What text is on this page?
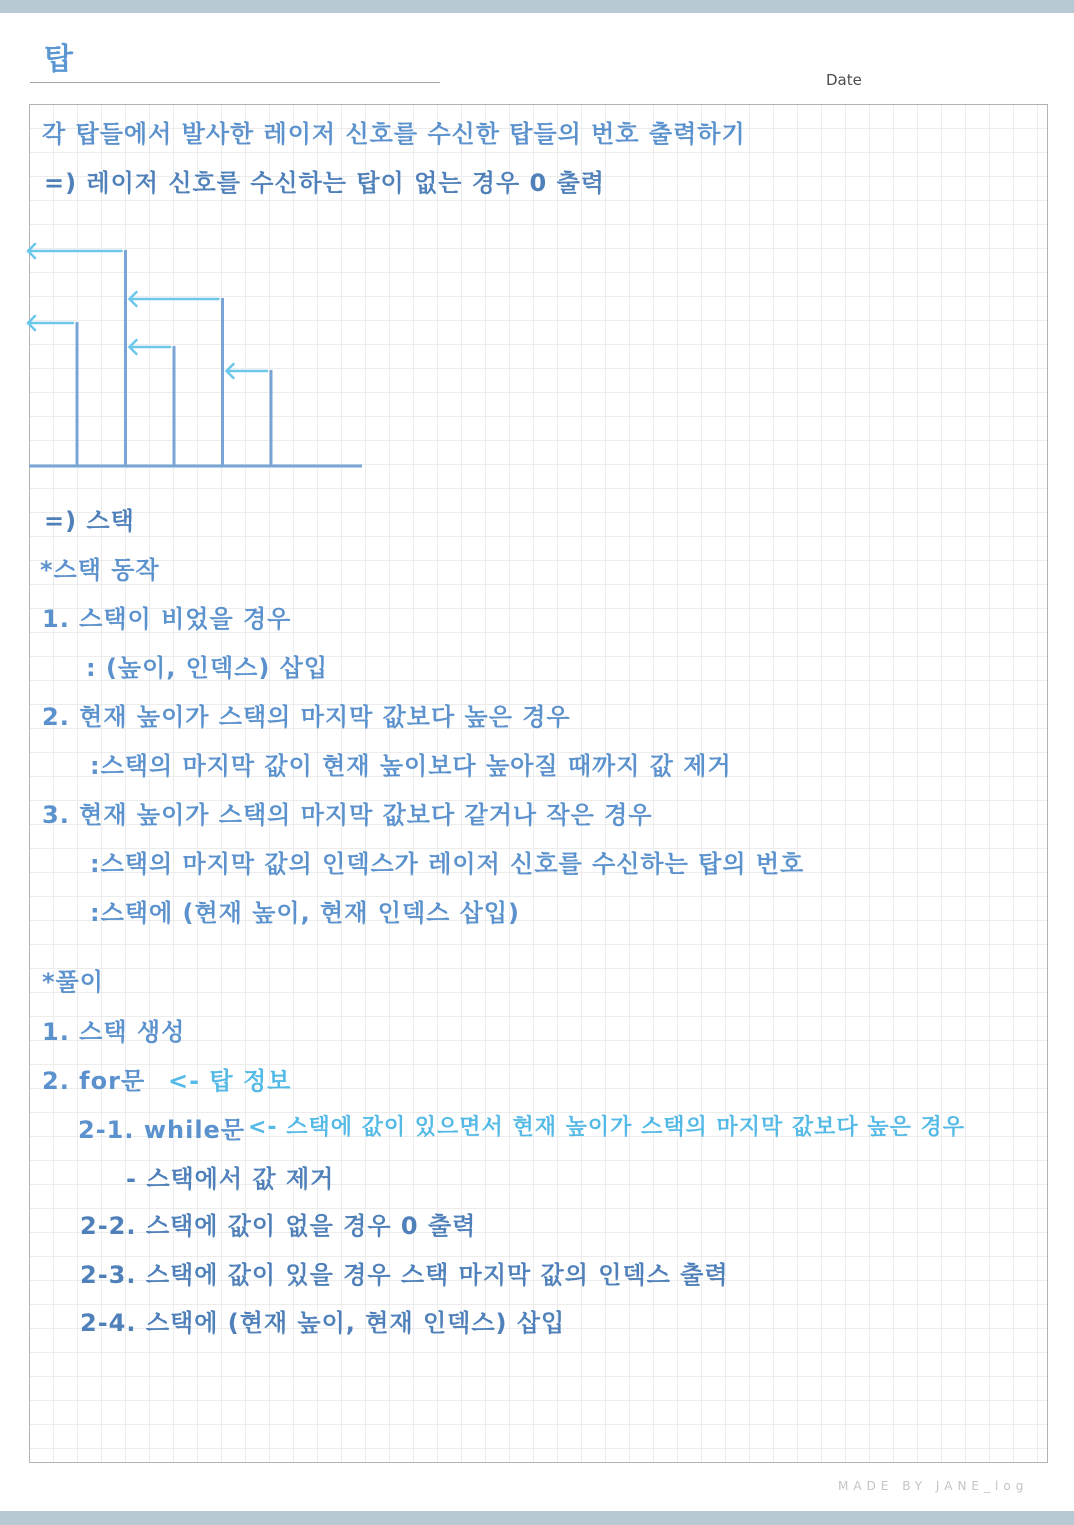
탑
Date
각 탑들에서 발사한 레이저 신호를 수신한 탑들의 번호 출력하기
=) 레이저 신호를 수신하는 탑이 없는 경우 0 출력
=) 스택
*스택 동작
1. 스택이 비었을 경우
: (높이, 인덱스) 삽입
2. 현재 높이가 스택의 마지막 값보다 높은 경우
:스택의 마지막 값이 현재 높이보다 높아질 때까지 값 제거
3. 현재 높이가 스택의 마지막 값보다 같거나 작은 경우
:스택의 마지막 값의 인덱스가 레이저 신호를 수신하는 탑의 번호
:스택에 (현재 높이, 현재 인덱스 삽입)
*풀이
1. 스택 생성
2. for문 <- 탑 정보
2-1. while문 <- 스택에 값이 있으면서 현재 높이가 스택의 마지막 값보다 높은 경우
- 스택에서 값 제거
2-2. 스택에 값이 없을 경우 0 출력
2-3. 스택에 값이 있을 경우 스택 마지막 값의 인덱스 출력
2-4. 스택에 (현재 높이, 현재 인덱스) 삽입
MADE BY JANE_log
